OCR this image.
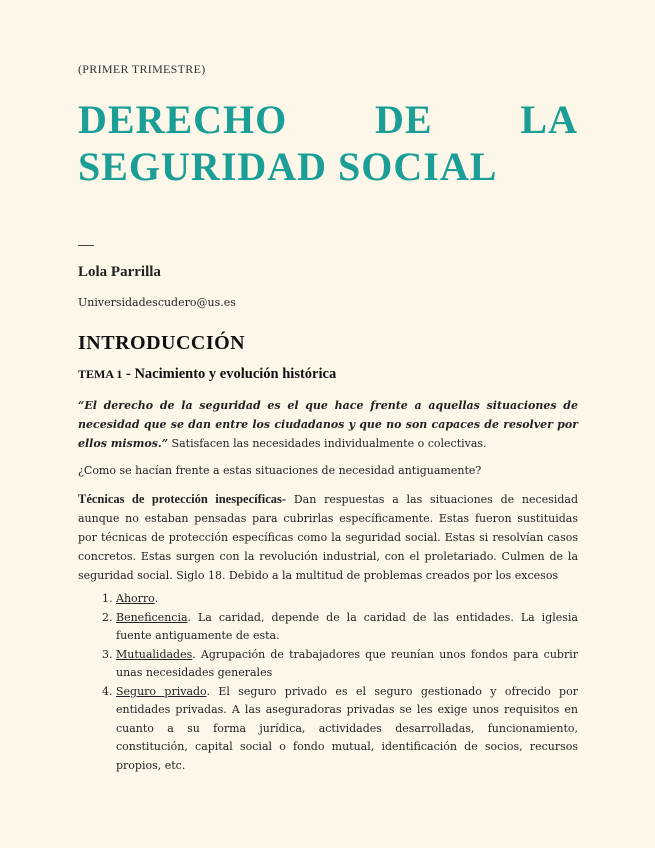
(PRIMER TRIMESTRE)
DERECHO DE LA
SEGURIDAD SOCIAL
Lola Parrilla
Universidadescudero@us.es
INTRODUCCIÓN
TEMA 1 - Nacimiento y evolución histórica
“El derecho de la seguridad es el que hace frente a aquellas situaciones de necesidad que se dan entre los ciudadanos y que no son capaces de resolver por ellos mismos.” Satisfacen las necesidades individualmente o colectivas.
¿Como se hacían frente a estas situaciones de necesidad antiguamente?
Técnicas de protección inespecíficas- Dan respuestas a las situaciones de necesidad aunque no estaban pensadas para cubrirlas específicamente. Estas fueron sustituidas por técnicas de protección específicas como la seguridad social. Estas si resolvían casos concretos. Estas surgen con la revolución industrial, con el proletariado. Culmen de la seguridad social. Siglo 18. Debido a la multitud de problemas creados por los excesos
1. Ahorro.
2. Beneficencia. La caridad, depende de la caridad de las entidades. La iglesia fuente antiguamente de esta.
3. Mutualidades. Agrupación de trabajadores que reunían unos fondos para cubrir unas necesidades generales
4. Seguro privado. El seguro privado es el seguro gestionado y ofrecido por entidades privadas. A las aseguradoras privadas se les exige unos requisitos en cuanto a su forma jurídica, actividades desarrolladas, funcionamiento, constitución, capital social o fondo mutual, identificación de socios, recursos propios, etc.
